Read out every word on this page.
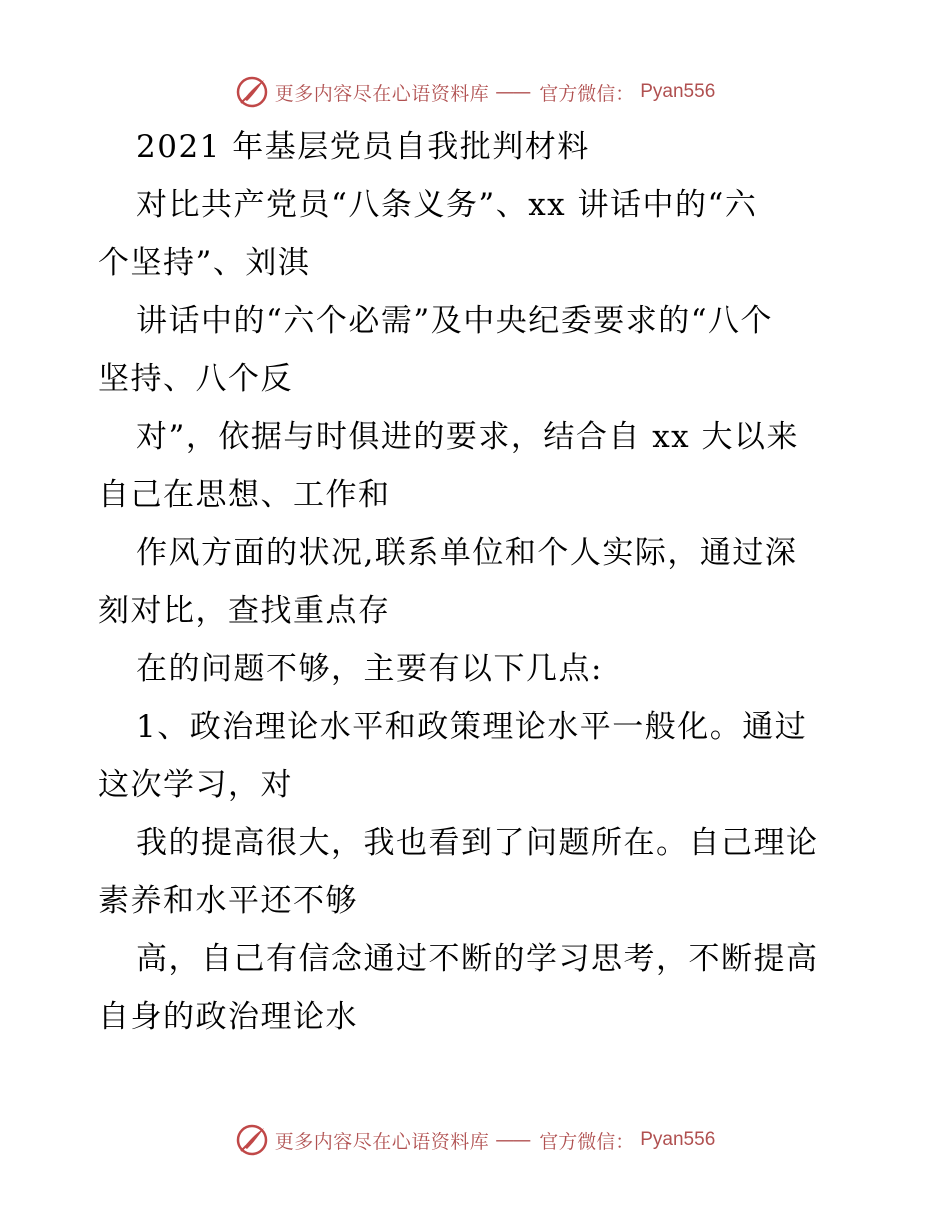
更多内容尽在心语资料库 —— 官方微信： Pyan556
2021 年基层党员自我批判材料
对比共产党员“八条义务”、xx 讲话中的“六
个坚持”、刘淇
讲话中的“六个必需”及中央纪委要求的“八个
坚持、八个反
对”，依据与时俱进的要求，结合自 xx 大以来
自己在思想、工作和
作风方面的状况,联系单位和个人实际，通过深
刻对比，查找重点存
在的问题不够，主要有以下几点:
1、政治理论水平和政策理论水平一般化。通过
这次学习，对
我的提高很大，我也看到了问题所在。自己理论
素养和水平还不够
高，自己有信念通过不断的学习思考，不断提高
自身的政治理论水
更多内容尽在心语资料库 —— 官方微信： Pyan556
